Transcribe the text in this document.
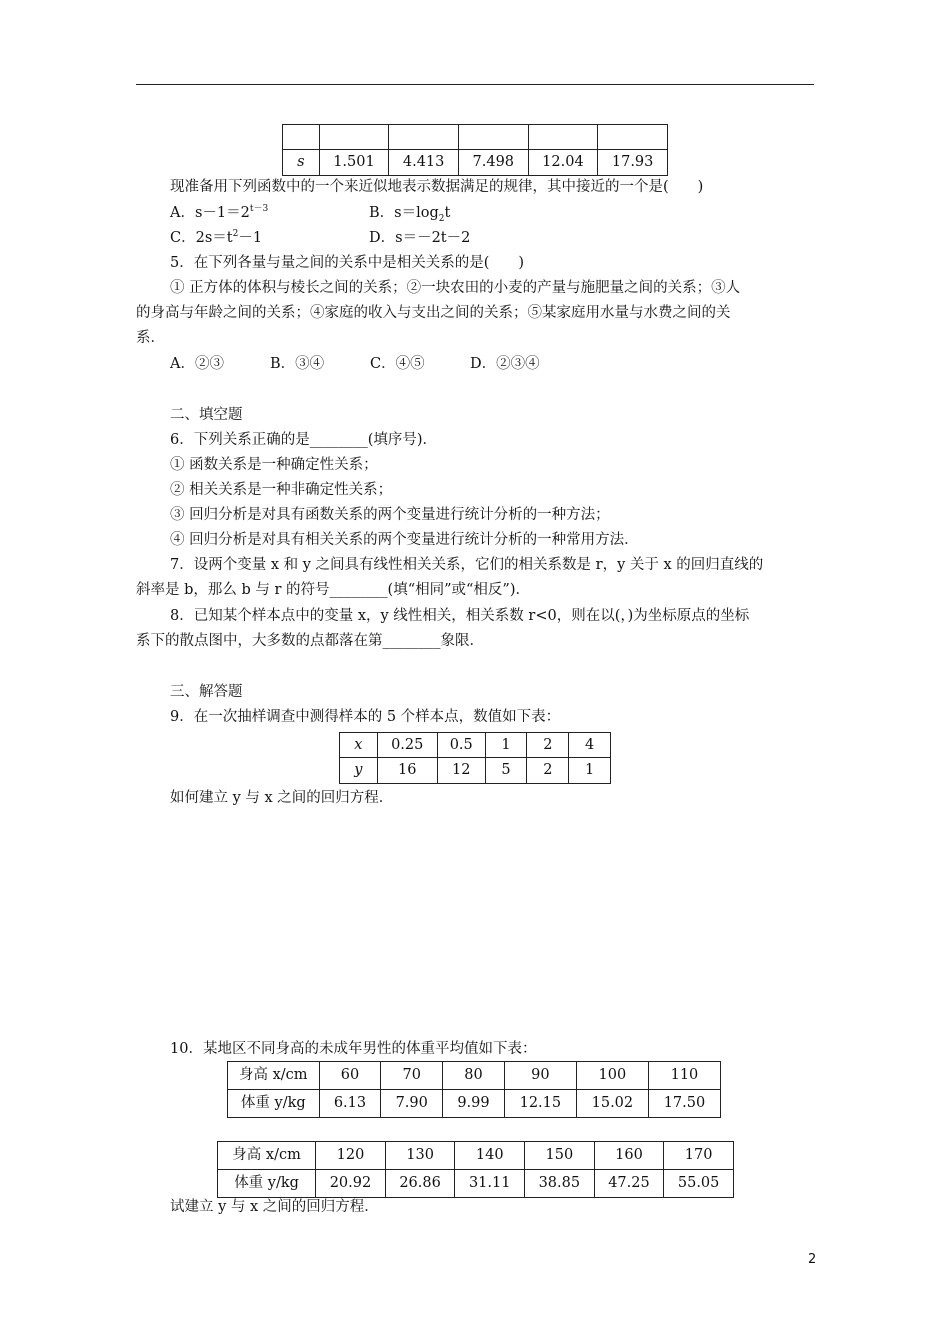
s	1.501	4.413	7.498	12.04	17.93
现准备用下列函数中的一个来近似地表示数据满足的规律，其中接近的一个是(　　)
A．$s-1=2^{t-3}$	B．$s=\log_2t$
C．$2s=t^2-1$	D．s＝－2t－2
5．在下列各量与量之间的关系中是相关关系的是(　　)
① 正方体的体积与棱长之间的关系；②一块农田的小麦的产量与施肥量之间的关系；③人
的身高与年龄之间的关系；④家庭的收入与支出之间的关系；⑤某家庭用水量与水费之间的关
系．
A．②③	B．③④	C．④⑤	D．②③④
二、填空题
6．下列关系正确的是________(填序号)．
① 函数关系是一种确定性关系；
② 相关关系是一种非确定性关系；
③ 回归分析是对具有函数关系的两个变量进行统计分析的一种方法；
④ 回归分析是对具有相关关系的两个变量进行统计分析的一种常用方法．
7．设两个变量 x 和 y 之间具有线性相关关系，它们的相关系数是 r，y 关于 x 的回归直线的
斜率是 b，那么 b 与 r 的符号________(填“相同”或“相反”)．
8．已知某个样本点中的变量 x，y 线性相关，相关系数 r<0，则在以(，)为坐标原点的坐标
系下的散点图中，大多数的点都落在第________象限．
三、解答题
9．在一次抽样调查中测得样本的 5 个样本点，数值如下表：
x	0.25	0.5	1	2	4
y	16	12	5	2	1
如何建立 y 与 x 之间的回归方程．
10．某地区不同身高的未成年男性的体重平均值如下表：
身高 x/cm	60	70	80	90	100	110
体重 y/kg	6.13	7.90	9.99	12.15	15.02	17.50
身高 x/cm	120	130	140	150	160	170
体重 y/kg	20.92	26.86	31.11	38.85	47.25	55.05
试建立 y 与 x 之间的回归方程．
2
